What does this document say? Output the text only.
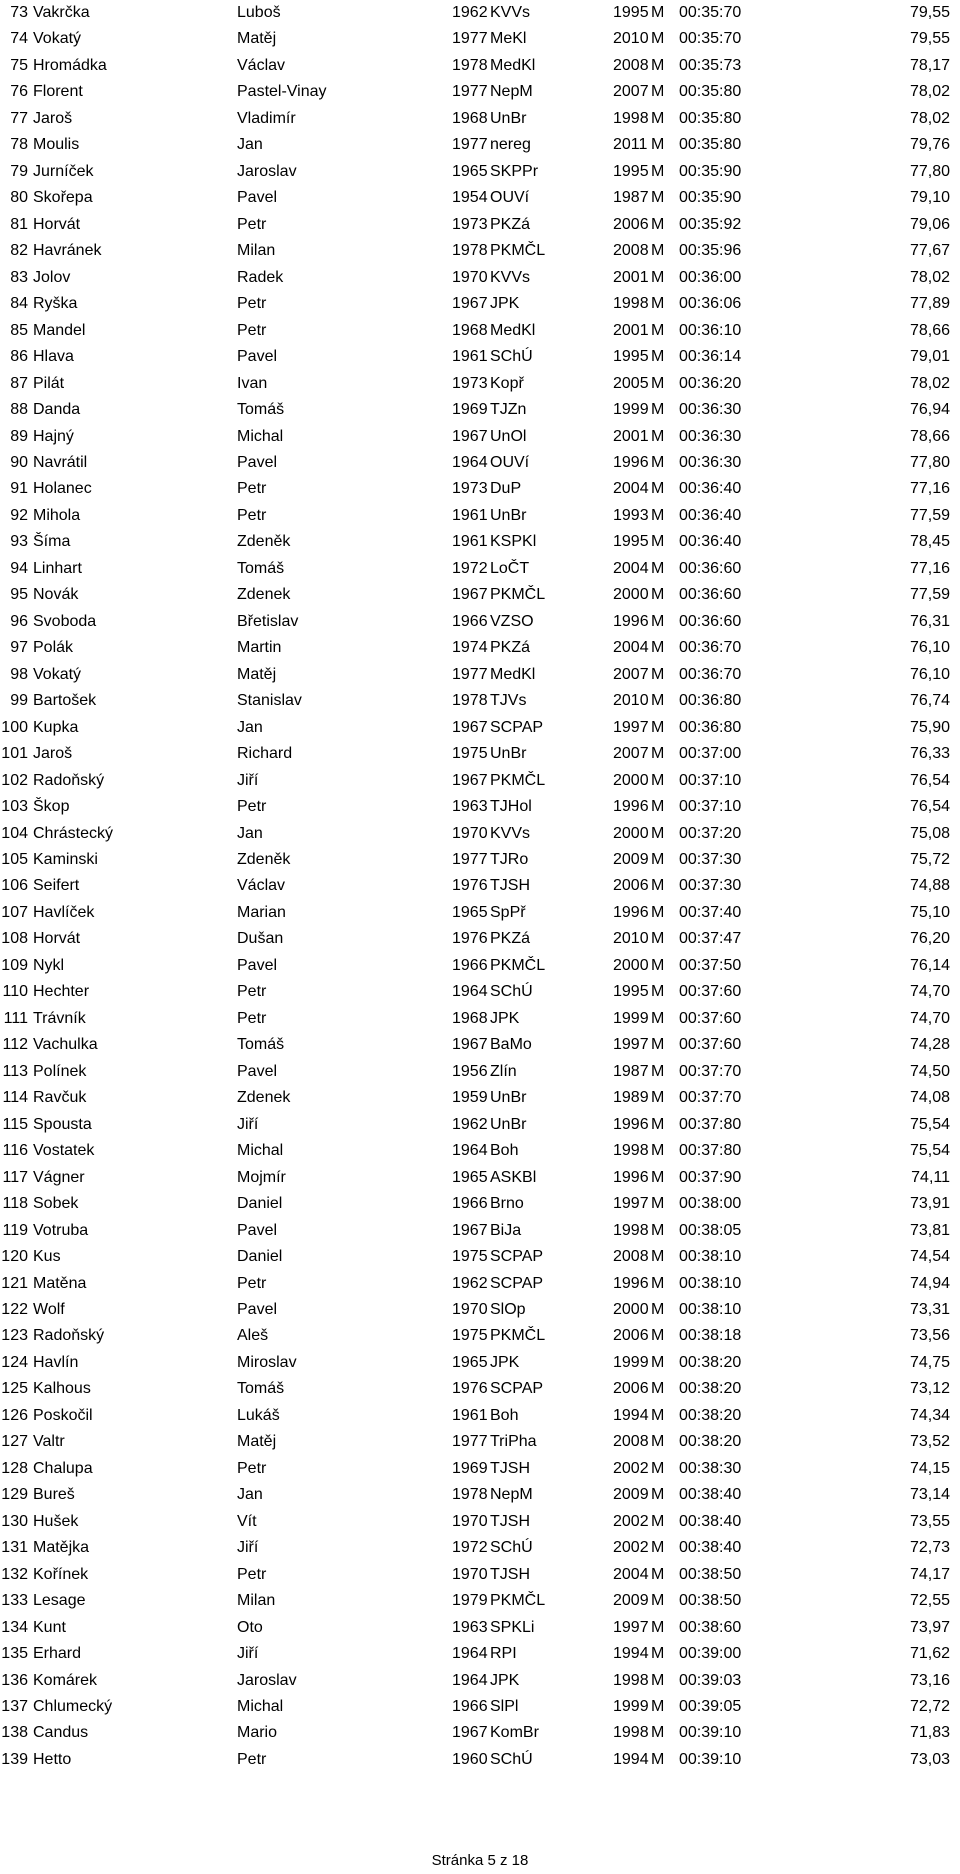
73 Vakrčka	Luboš	1962 KVVs	1995 M 00:35:70	79,55
74 Vokatý	Matěj	1977 MeKl	2010 M 00:35:70	79,55
75 Hromádka	Václav	1978 MedKl	2008 M 00:35:73	78,17
76 Florent	Pastel-Vinay	1977 NepM	2007 M 00:35:80	78,02
77 Jaroš	Vladimír	1968 UnBr	1998 M 00:35:80	78,02
78 Moulis	Jan	1977 nereg	2011 M 00:35:80	79,76
79 Jurníček	Jaroslav	1965 SKPPr	1995 M 00:35:90	77,80
80 Skořepa	Pavel	1954 OUVí	1987 M 00:35:90	79,10
81 Horvát	Petr	1973 PKZá	2006 M 00:35:92	79,06
82 Havránek	Milan	1978 PKMČL	2008 M 00:35:96	77,67
83 Jolov	Radek	1970 KVVs	2001 M 00:36:00	78,02
84 Ryška	Petr	1967 JPK	1998 M 00:36:06	77,89
85 Mandel	Petr	1968 MedKl	2001 M 00:36:10	78,66
86 Hlava	Pavel	1961 SChÚ	1995 M 00:36:14	79,01
87 Pilát	Ivan	1973 Kopř	2005 M 00:36:20	78,02
88 Danda	Tomáš	1969 TJZn	1999 M 00:36:30	76,94
89 Hajný	Michal	1967 UnOl	2001 M 00:36:30	78,66
90 Navrátil	Pavel	1964 OUVí	1996 M 00:36:30	77,80
91 Holanec	Petr	1973 DuP	2004 M 00:36:40	77,16
92 Mihola	Petr	1961 UnBr	1993 M 00:36:40	77,59
93 Šíma	Zdeněk	1961 KSPKl	1995 M 00:36:40	78,45
94 Linhart	Tomáš	1972 LoČT	2004 M 00:36:60	77,16
95 Novák	Zdenek	1967 PKMČL	2000 M 00:36:60	77,59
96 Svoboda	Břetislav	1966 VZSO	1996 M 00:36:60	76,31
97 Polák	Martin	1974 PKZá	2004 M 00:36:70	76,10
98 Vokatý	Matěj	1977 MedKl	2007 M 00:36:70	76,10
99 Bartošek	Stanislav	1978 TJVs	2010 M 00:36:80	76,74
100 Kupka	Jan	1967 SCPAP	1997 M 00:36:80	75,90
101 Jaroš	Richard	1975 UnBr	2007 M 00:37:00	76,33
102 Radoňský	Jiří	1967 PKMČL	2000 M 00:37:10	76,54
103 Škop	Petr	1963 TJHol	1996 M 00:37:10	76,54
104 Chrástecký	Jan	1970 KVVs	2000 M 00:37:20	75,08
105 Kaminski	Zdeněk	1977 TJRo	2009 M 00:37:30	75,72
106 Seifert	Václav	1976 TJSH	2006 M 00:37:30	74,88
107 Havlíček	Marian	1965 SpPř	1996 M 00:37:40	75,10
108 Horvát	Dušan	1976 PKZá	2010 M 00:37:47	76,20
109 Nykl	Pavel	1966 PKMČL	2000 M 00:37:50	76,14
110 Hechter	Petr	1964 SChÚ	1995 M 00:37:60	74,70
111 Trávník	Petr	1968 JPK	1999 M 00:37:60	74,70
112 Vachulka	Tomáš	1967 BaMo	1997 M 00:37:60	74,28
113 Polínek	Pavel	1956 Zlín	1987 M 00:37:70	74,50
114 Ravčuk	Zdenek	1959 UnBr	1989 M 00:37:70	74,08
115 Spousta	Jiří	1962 UnBr	1996 M 00:37:80	75,54
116 Vostatek	Michal	1964 Boh	1998 M 00:37:80	75,54
117 Vágner	Mojmír	1965 ASKBl	1996 M 00:37:90	74,11
118 Sobek	Daniel	1966 Brno	1997 M 00:38:00	73,91
119 Votruba	Pavel	1967 BiJa	1998 M 00:38:05	73,81
120 Kus	Daniel	1975 SCPAP	2008 M 00:38:10	74,54
121 Matěna	Petr	1962 SCPAP	1996 M 00:38:10	74,94
122 Wolf	Pavel	1970 SlOp	2000 M 00:38:10	73,31
123 Radoňský	Aleš	1975 PKMČL	2006 M 00:38:18	73,56
124 Havlín	Miroslav	1965 JPK	1999 M 00:38:20	74,75
125 Kalhous	Tomáš	1976 SCPAP	2006 M 00:38:20	73,12
126 Poskočil	Lukáš	1961 Boh	1994 M 00:38:20	74,34
127 Valtr	Matěj	1977 TriPha	2008 M 00:38:20	73,52
128 Chalupa	Petr	1969 TJSH	2002 M 00:38:30	74,15
129 Bureš	Jan	1978 NepM	2009 M 00:38:40	73,14
130 Hušek	Vít	1970 TJSH	2002 M 00:38:40	73,55
131 Matějka	Jiří	1972 SChÚ	2002 M 00:38:40	72,73
132 Kořínek	Petr	1970 TJSH	2004 M 00:38:50	74,17
133 Lesage	Milan	1979 PKMČL	2009 M 00:38:50	72,55
134 Kunt	Oto	1963 SPKLi	1997 M 00:38:60	73,97
135 Erhard	Jiří	1964 RPI	1994 M 00:39:00	71,62
136 Komárek	Jaroslav	1964 JPK	1998 M 00:39:03	73,16
137 Chlumecký	Michal	1966 SlPl	1999 M 00:39:05	72,72
138 Candus	Mario	1967 KomBr	1998 M 00:39:10	71,83
139 Hetto	Petr	1960 SChÚ	1994 M 00:39:10	73,03
Stránka 5 z 18
